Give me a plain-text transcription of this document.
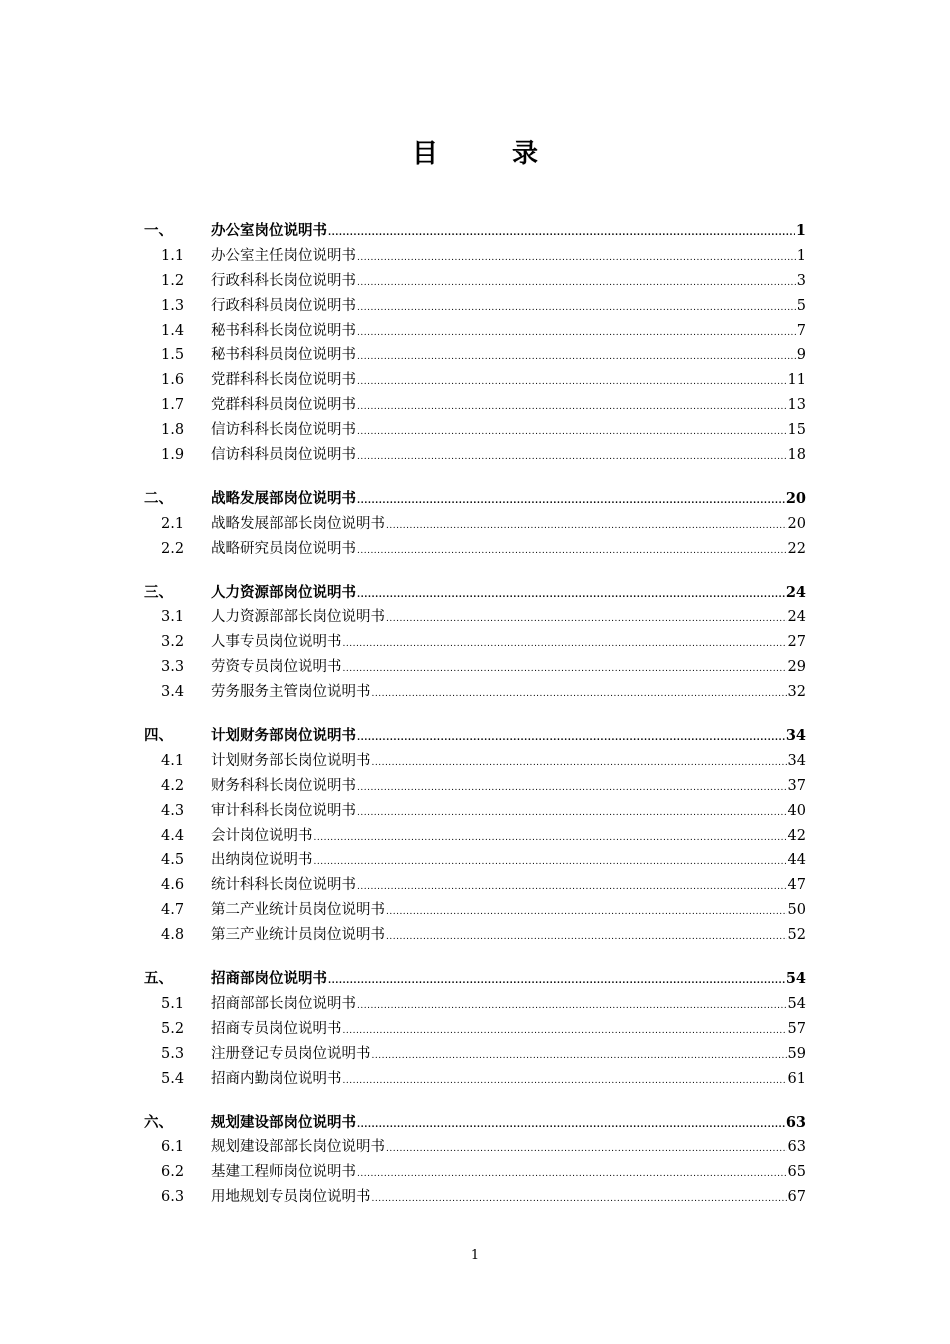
目	录
一、	办公室岗位说明书 .....	1
1.1	办公室主任岗位说明书 .....	1
1.2	行政科科长岗位说明书 .....	3
1.3	行政科科员岗位说明书 .....	5
1.4	秘书科科长岗位说明书 .....	7
1.5	秘书科科员岗位说明书 .....	9
1.6	党群科科长岗位说明书 .....	11
1.7	党群科科员岗位说明书 .....	13
1.8	信访科科长岗位说明书 .....	15
1.9	信访科科员岗位说明书 .....	18
二、	战略发展部岗位说明书 .....	20
2.1	战略发展部部长岗位说明书 .....	20
2.2	战略研究员岗位说明书 .....	22
三、	人力资源部岗位说明书 .....	24
3.1	人力资源部部长岗位说明书 .....	24
3.2	人事专员岗位说明书 .....	27
3.3	劳资专员岗位说明书 .....	29
3.4	劳务服务主管岗位说明书 .....	32
四、	计划财务部岗位说明书 .....	34
4.1	计划财务部长岗位说明书 .....	34
4.2	财务科科长岗位说明书 .....	37
4.3	审计科科长岗位说明书 .....	40
4.4	会计岗位说明书 .....	42
4.5	出纳岗位说明书 .....	44
4.6	统计科科长岗位说明书 .....	47
4.7	第二产业统计员岗位说明书 .....	50
4.8	第三产业统计员岗位说明书 .....	52
五、	招商部岗位说明书 .....	54
5.1	招商部部长岗位说明书 .....	54
5.2	招商专员岗位说明书 .....	57
5.3	注册登记专员岗位说明书 .....	59
5.4	招商内勤岗位说明书 .....	61
六、	规划建设部岗位说明书 .....	63
6.1	规划建设部部长岗位说明书 .....	63
6.2	基建工程师岗位说明书 .....	65
6.3	用地规划专员岗位说明书 .....	67
1
